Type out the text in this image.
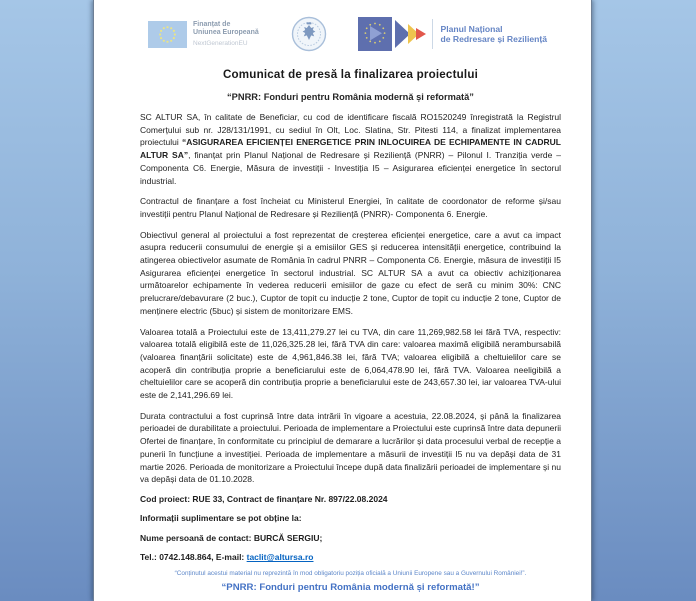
Finanțat de
Uniunea Europeană
NextGenerationEU
Planul Național
de Redresare și Reziliență
Comunicat de presă la finalizarea proiectului
“PNRR: Fonduri pentru România modernă și reformată”

SC ALTUR SA, în calitate de Beneficiar, cu cod de identificare fiscală RO1520249 înregistrată la Registrul Comerțului sub nr. J28/131/1991, cu sediul în Olt, Loc. Slatina, Str. Pitesti 114, a finalizat implementarea proiectului “ASIGURAREA EFICIENȚEI ENERGETICE PRIN INLOCUIREA DE ECHIPAMENTE IN CADRUL ALTUR SA”, finanțat prin Planul Național de Redresare și Reziliență (PNRR) – Pilonul I. Tranziția verde – Componenta C6. Energie, Măsura de investiții - Investiția I5 – Asigurarea eficienței energetice în sectorul industrial.

Contractul de finanțare a fost încheiat cu Ministerul Energiei, în calitate de coordonator de reforme și/sau investiții pentru Planul Național de Redresare și Reziliență (PNRR)- Componenta 6. Energie.

Obiectivul general al proiectului a fost reprezentat de creșterea eficienței energetice, care a avut ca impact asupra reducerii consumului de energie și a emisiilor GES și reducerea intensității energetice, contribuind la atingerea obiectivelor asumate de România în cadrul PNRR – Componenta C6. Energie, măsura de investiții I5 Asigurarea eficienței energetice în sectorul industrial. SC ALTUR SA a avut ca obiectiv achiziționarea următoarelor echipamente în vederea reducerii emisiilor de gaze cu efect de seră cu minim 30%: CNC prelucrare/debavurare (2 buc.), Cuptor de topit cu inducție 2 tone, Cuptor de topit cu inducție 2 tone, Cuptor de menținere electric (5buc) și sistem de monitorizare EMS.

Valoarea totală a Proiectului este de 13,411,279.27 lei cu TVA, din care 11,269,982.58 lei fără TVA, respectiv: valoarea totală eligibilă este de 11,026,325.28 lei, fără TVA din care: valoarea maximă eligibilă nerambursabilă (valoarea finanțării solicitate) este de 4,961,846.38 lei, fără TVA; valoarea eligibilă a cheltuielilor care se acoperă din contribuția proprie a beneficiarului este de 6,064,478.90 lei, fără TVA. Valoarea neeligibilă a cheltuielilor care se acoperă din contribuția proprie a beneficiarului este de 243,657.30 lei, iar valoarea TVA-ului este de 2,141,296.69 lei.

Durata contractului a fost cuprinsă între data intrării în vigoare a acestuia, 22.08.2024, și până la finalizarea perioadei de durabilitate a proiectului. Perioada de implementare a Proiectului este cuprinsă între data depunerii Ofertei de finanțare, în conformitate cu principiul de demarare a lucrărilor și data procesului verbal de recepție a punerii în funcțiune a investiției. Perioada de implementare a măsurii de investiții I5 nu va depăși data de 31 martie 2026. Perioada de monitorizare a Proiectului începe după data finalizării perioadei de implementare și nu va depăși data de 01.10.2028.

Cod proiect: RUE 33, Contract de finanțare Nr. 897/22.08.2024

Informații suplimentare se pot obține la:

Nume persoană de contact: BURCĂ SERGIU;

Tel.: 0742.148.864, E-mail: taclit@altursa.ro

“Conținutul acestui material nu reprezintă în mod obligatoriu poziția oficială a Uniunii Europene sau a Guvernului României!”.

“PNRR: Fonduri pentru România modernă și reformată!”
